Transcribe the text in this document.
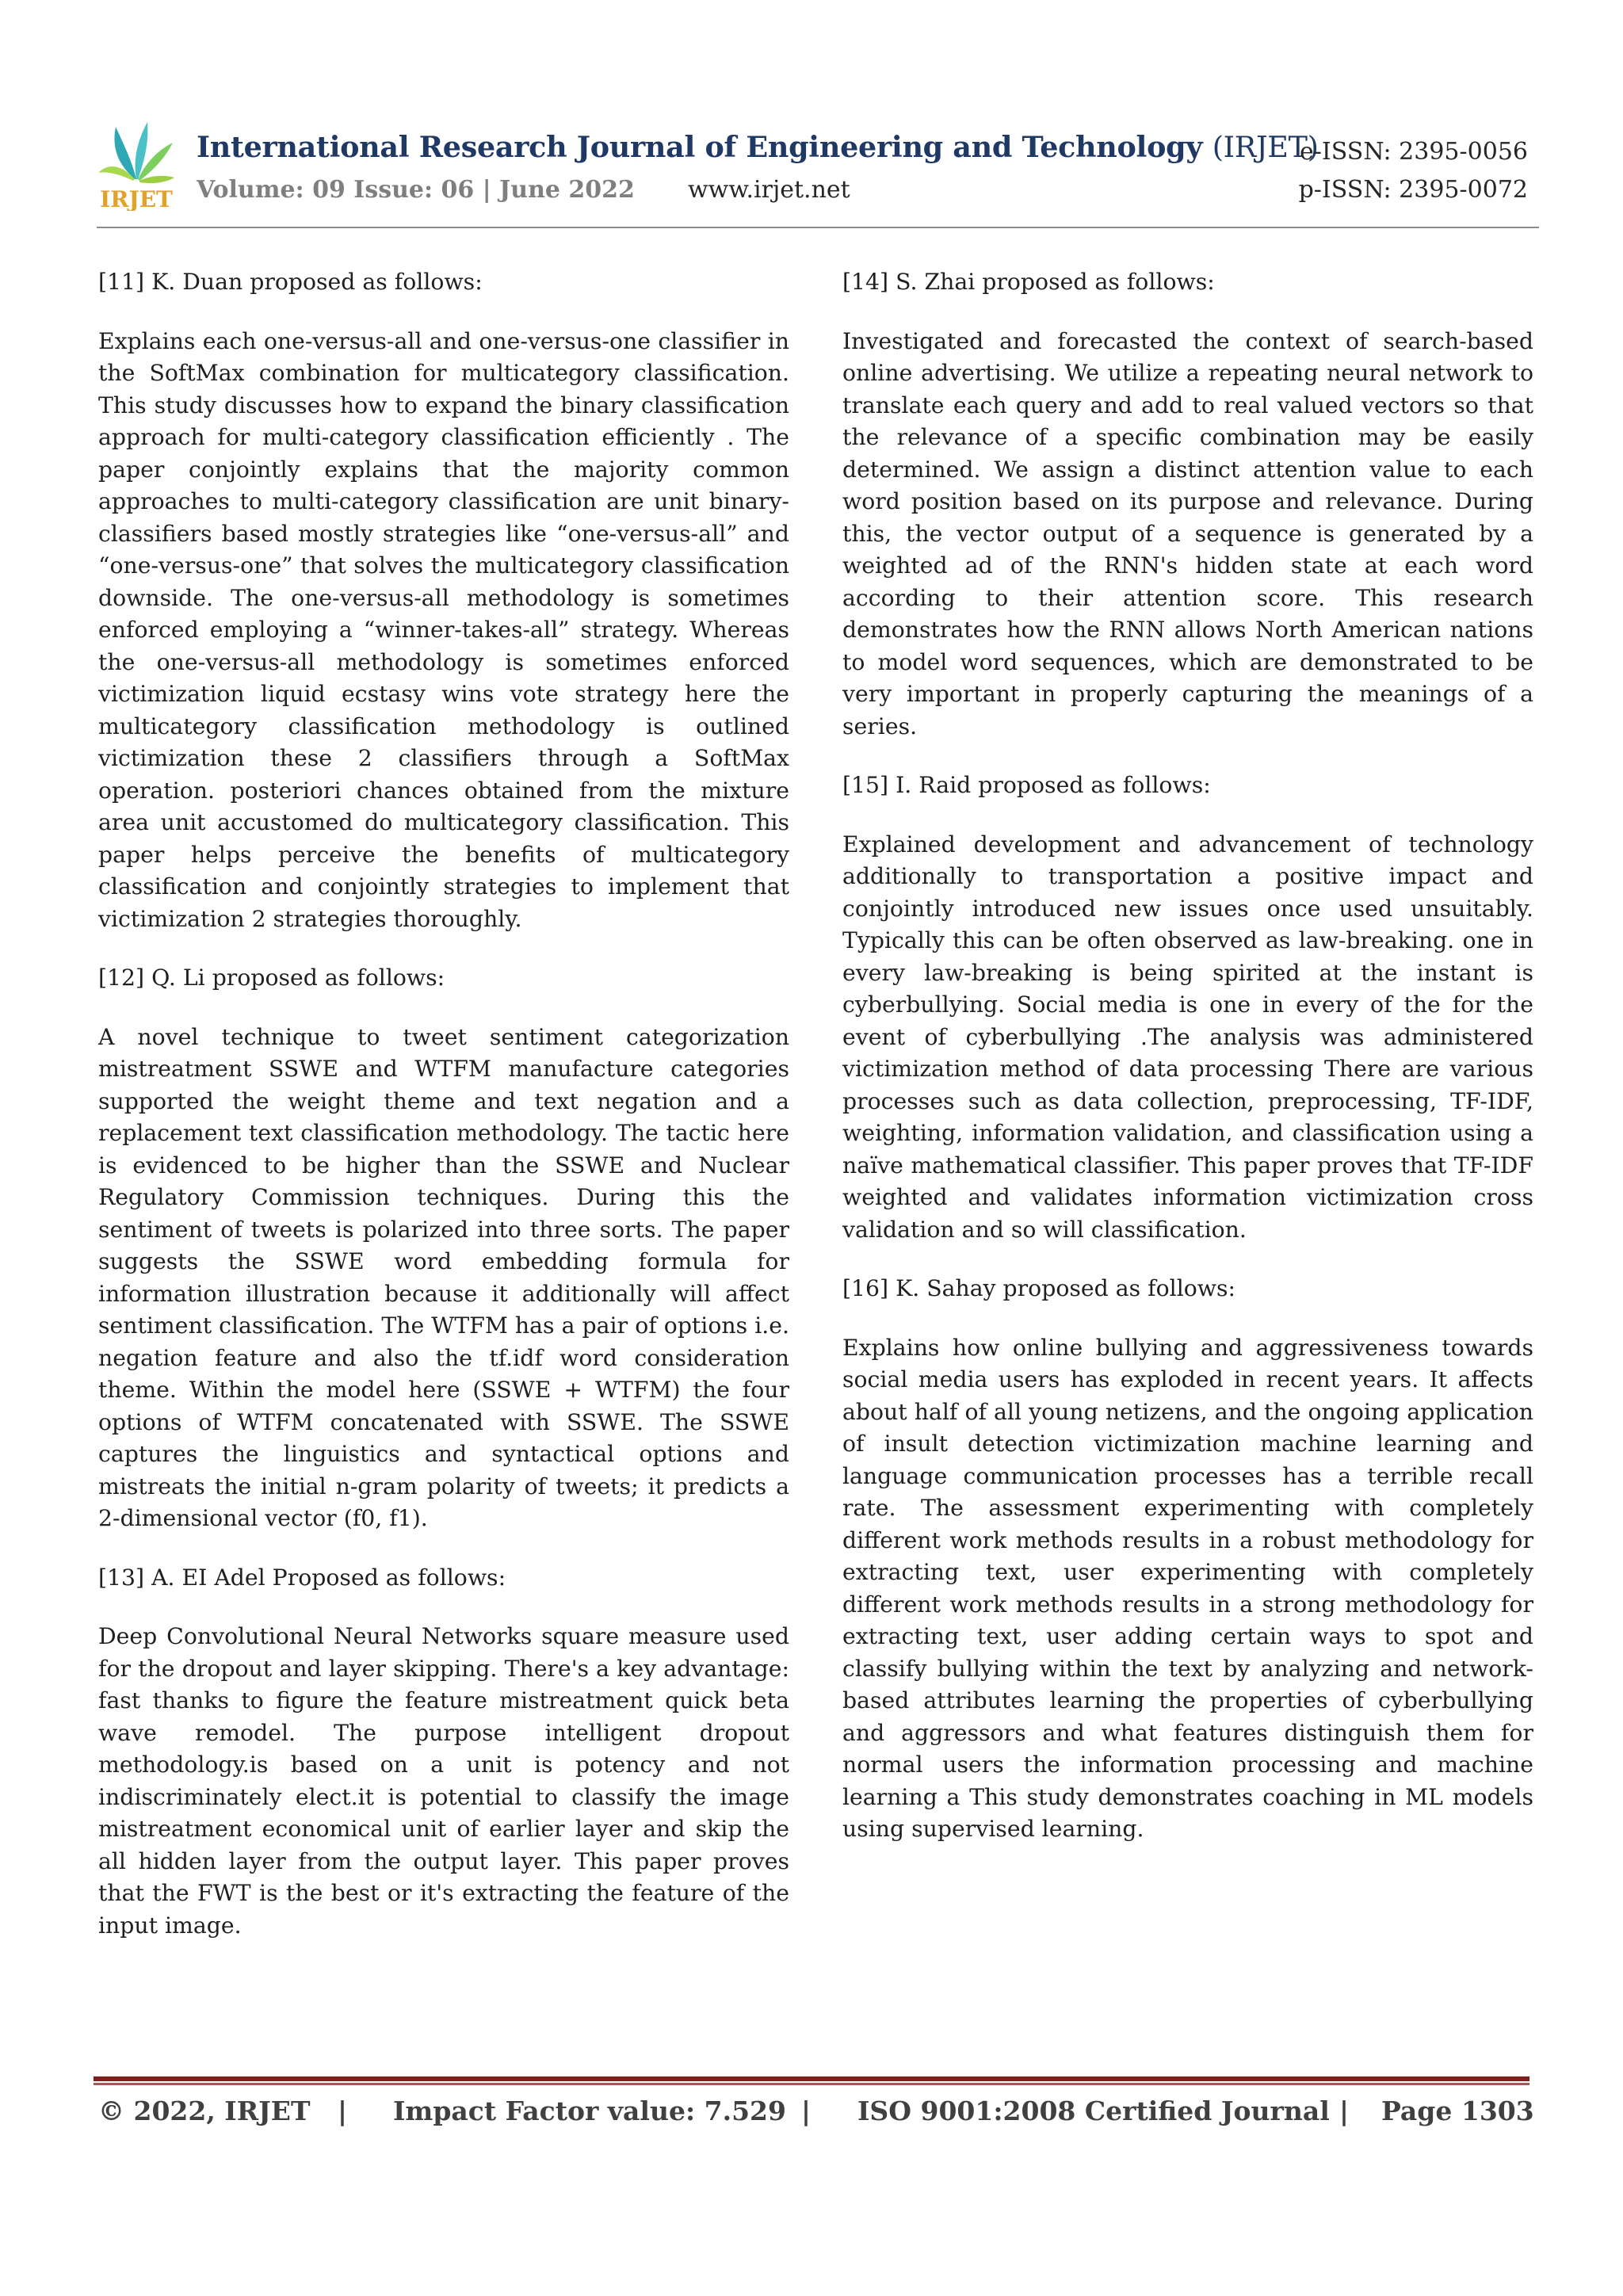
IRJET
International Research Journal of Engineering and Technology (IRJET)
Volume: 09 Issue: 06 | June 2022 www.irjet.net
e-ISSN: 2395-0056
p-ISSN: 2395-0072
[11] K. Duan proposed as follows:

Explains each one-versus-all and one-versus-one classifier in the SoftMax combination for multicategory classification. This study discusses how to expand the binary classification approach for multi-category classification efficiently . The paper conjointly explains that the majority common approaches to multi-category classification are unit binary-classifiers based mostly strategies like “one-versus-all” and “one-versus-one” that solves the multicategory classification downside. The one-versus-all methodology is sometimes enforced employing a “winner-takes-all” strategy. Whereas the one-versus-all methodology is sometimes enforced victimization liquid ecstasy wins vote strategy here the multicategory classification methodology is outlined victimization these 2 classifiers through a SoftMax operation. posteriori chances obtained from the mixture area unit accustomed do multicategory classification. This paper helps perceive the benefits of multicategory classification and conjointly strategies to implement that victimization 2 strategies thoroughly.

[12] Q. Li proposed as follows:

A novel technique to tweet sentiment categorization mistreatment SSWE and WTFM manufacture categories supported the weight theme and text negation and a replacement text classification methodology. The tactic here is evidenced to be higher than the SSWE and Nuclear Regulatory Commission techniques. During this the sentiment of tweets is polarized into three sorts. The paper suggests the SSWE word embedding formula for information illustration because it additionally will affect sentiment classification. The WTFM has a pair of options i.e. negation feature and also the tf.idf word consideration theme. Within the model here (SSWE + WTFM) the four options of WTFM concatenated with SSWE. The SSWE captures the linguistics and syntactical options and mistreats the initial n-gram polarity of tweets; it predicts a 2-dimensional vector (f0, f1).

[13] A. EI Adel Proposed as follows:

Deep Convolutional Neural Networks square measure used for the dropout and layer skipping. There's a key advantage: fast thanks to figure the feature mistreatment quick beta wave remodel. The purpose intelligent dropout methodology.is based on a unit is potency and not indiscriminately elect.it is potential to classify the image mistreatment economical unit of earlier layer and skip the all hidden layer from the output layer. This paper proves that the FWT is the best or it's extracting the feature of the input image.

[14] S. Zhai proposed as follows:

Investigated and forecasted the context of search-based online advertising. We utilize a repeating neural network to translate each query and add to real valued vectors so that the relevance of a specific combination may be easily determined. We assign a distinct attention value to each word position based on its purpose and relevance. During this, the vector output of a sequence is generated by a weighted ad of the RNN's hidden state at each word according to their attention score. This research demonstrates how the RNN allows North American nations to model word sequences, which are demonstrated to be very important in properly capturing the meanings of a series.

[15] I. Raid proposed as follows:

Explained development and advancement of technology additionally to transportation a positive impact and conjointly introduced new issues once used unsuitably. Typically this can be often observed as law-breaking. one in every law-breaking is being spirited at the instant is cyberbullying. Social media is one in every of the for the event of cyberbullying .The analysis was administered victimization method of data processing There are various processes such as data collection, preprocessing, TF-IDF, weighting, information validation, and classification using a naïve mathematical classifier. This paper proves that TF-IDF weighted and validates information victimization cross validation and so will classification.

[16] K. Sahay proposed as follows:

Explains how online bullying and aggressiveness towards social media users has exploded in recent years. It affects about half of all young netizens, and the ongoing application of insult detection victimization machine learning and language communication processes has a terrible recall rate. The assessment experimenting with completely different work methods results in a robust methodology for extracting text, user experimenting with completely different work methods results in a strong methodology for extracting text, user adding certain ways to spot and classify bullying within the text by analyzing and network-based attributes learning the properties of cyberbullying and aggressors and what features distinguish them for normal users the information processing and machine learning a This study demonstrates coaching in ML models using supervised learning.

© 2022, IRJET | Impact Factor value: 7.529 | ISO 9001:2008 Certified Journal | Page 1303
